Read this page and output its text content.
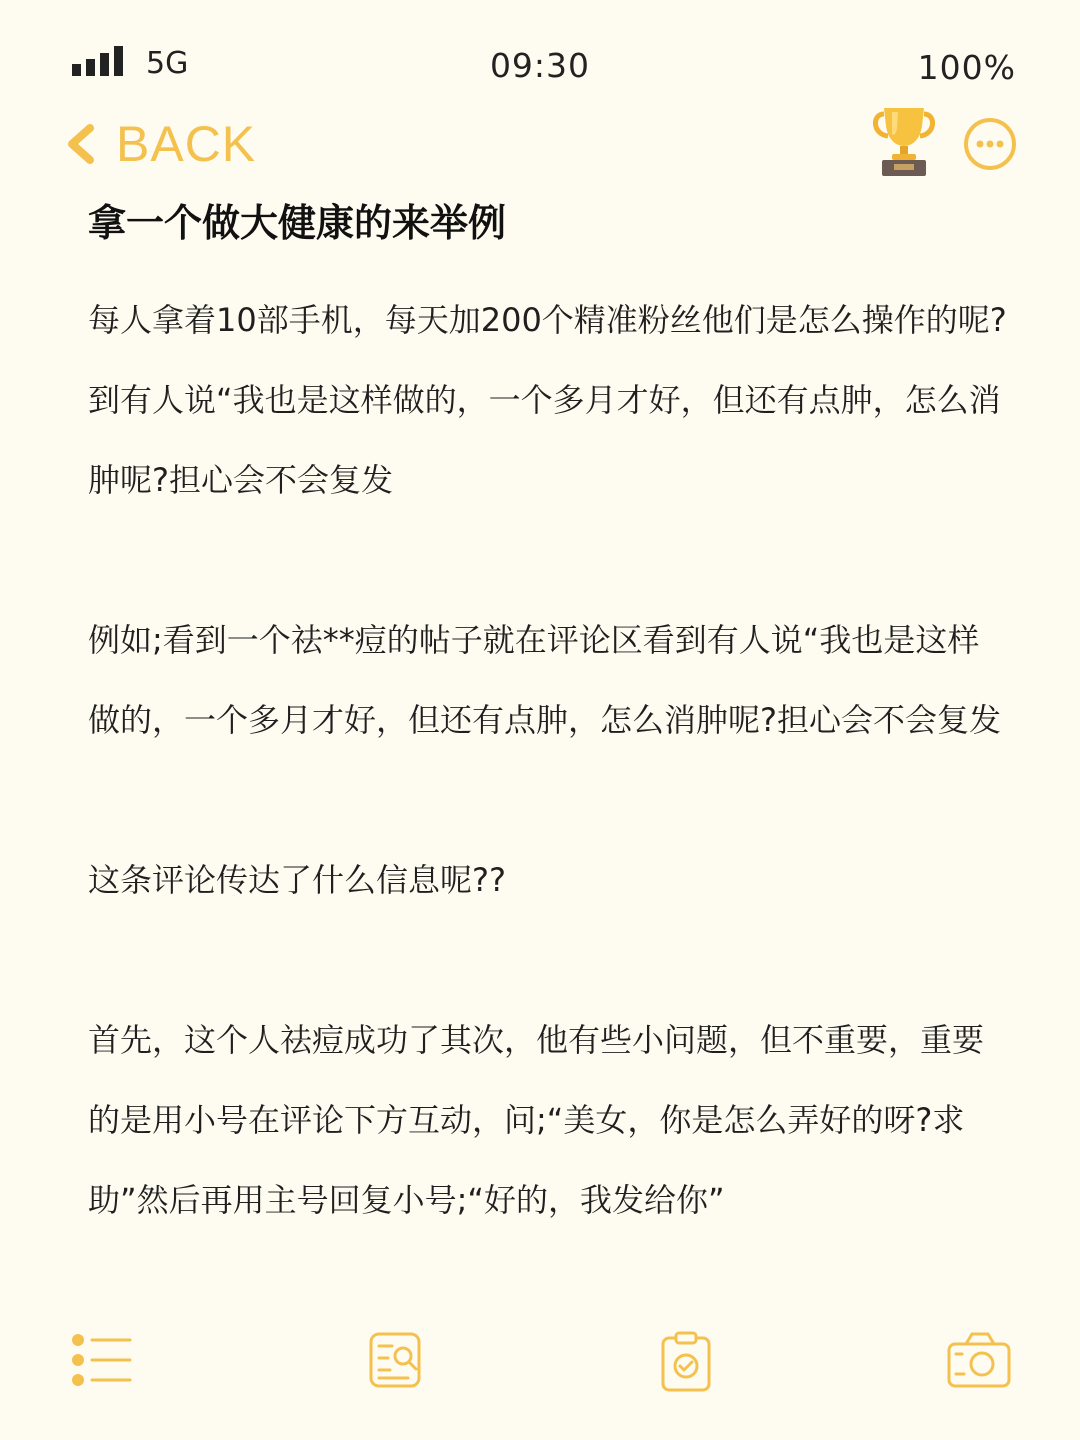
5G	09:30	100%
BACK
拿一个做大健康的来举例

每人拿着10部手机，每天加200个精准粉丝他们是怎么操作的呢?到有人说“我也是这样做的，一个多月才好，但还有点肿，怎么消肿呢?担心会不会复发

例如;看到一个祛**痘的帖子就在评论区看到有人说“我也是这样做的，一个多月才好，但还有点肿，怎么消肿呢?担心会不会复发

这条评论传达了什么信息呢??

首先，这个人祛痘成功了其次，他有些小问题，但不重要，重要的是用小号在评论下方互动，问;“美女，你是怎么弄好的呀?求助”然后再用主号回复小号;“好的，我发给你”
